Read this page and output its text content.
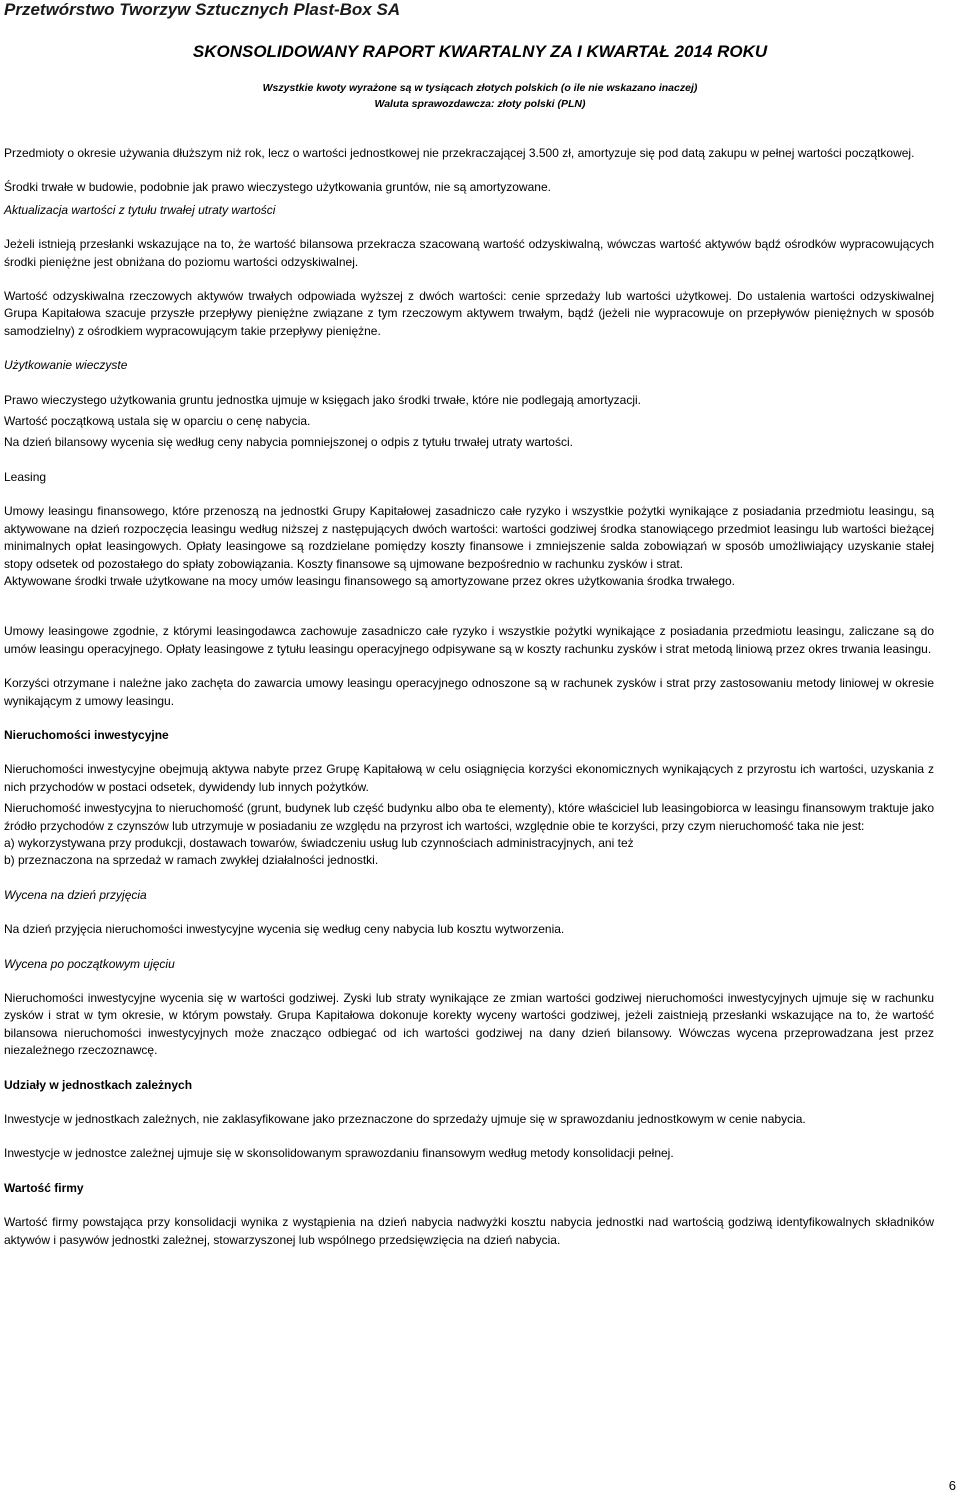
Przetwórstwo Tworzyw Sztucznych Plast-Box SA
SKONSOLIDOWANY RAPORT KWARTALNY ZA I KWARTAŁ 2014 ROKU
Wszystkie kwoty wyrażone są w tysiącach złotych polskich (o ile nie wskazano inaczej)
Waluta sprawozdawcza: złoty polski (PLN)

Przedmioty o okresie używania dłuższym niż rok, lecz o wartości jednostkowej nie przekraczającej 3.500 zł, amortyzuje się pod datą zakupu w pełnej wartości początkowej.

Środki trwałe w budowie, podobnie jak prawo wieczystego użytkowania gruntów, nie są amortyzowane.

Aktualizacja wartości z tytułu trwałej utraty wartości

Jeżeli istnieją przesłanki wskazujące na to, że wartość bilansowa przekracza szacowaną wartość odzyskiwalną, wówczas wartość aktywów bądź ośrodków wypracowujących środki pieniężne jest obniżana do poziomu wartości odzyskiwalnej.

Wartość odzyskiwalna rzeczowych aktywów trwałych odpowiada wyższej z dwóch wartości: cenie sprzedaży lub wartości użytkowej. Do ustalenia wartości odzyskiwalnej Grupa Kapitałowa szacuje przyszłe przepływy pieniężne związane z tym rzeczowym aktywem trwałym, bądź (jeżeli nie wypracowuje on przepływów pieniężnych w sposób samodzielny) z ośrodkiem wypracowującym takie przepływy pieniężne.

Użytkowanie wieczyste

Prawo wieczystego użytkowania gruntu jednostka ujmuje w księgach jako środki trwałe, które nie podlegają amortyzacji.

Wartość początkową ustala się w oparciu o cenę nabycia.

Na dzień bilansowy wycenia się według ceny nabycia pomniejszonej o odpis z tytułu trwałej utraty wartości.

Leasing

Umowy leasingu finansowego, które przenoszą na jednostki Grupy Kapitałowej zasadniczo całe ryzyko i wszystkie pożytki wynikające z posiadania przedmiotu leasingu, są aktywowane na dzień rozpoczęcia leasingu według niższej z następujących dwóch wartości: wartości godziwej środka stanowiącego przedmiot leasingu lub wartości bieżącej minimalnych opłat leasingowych. Opłaty leasingowe są rozdzielane pomiędzy koszty finansowe i zmniejszenie salda zobowiązań w sposób umożliwiający uzyskanie stałej stopy odsetek od pozostałego do spłaty zobowiązania. Koszty finansowe są ujmowane bezpośrednio w rachunku zysków i strat.

Aktywowane środki trwałe użytkowane na mocy umów leasingu finansowego są amortyzowane przez okres użytkowania środka trwałego.

Umowy leasingowe zgodnie, z którymi leasingodawca zachowuje zasadniczo całe ryzyko i wszystkie pożytki wynikające z posiadania przedmiotu leasingu, zaliczane są do umów leasingu operacyjnego. Opłaty leasingowe z tytułu leasingu operacyjnego odpisywane są w koszty rachunku zysków i strat metodą liniową przez okres trwania leasingu.

Korzyści otrzymane i należne jako zachęta do zawarcia umowy leasingu operacyjnego odnoszone są w rachunek zysków i strat przy zastosowaniu metody liniowej w okresie wynikającym z umowy leasingu.

Nieruchomości inwestycyjne

Nieruchomości inwestycyjne obejmują aktywa nabyte przez Grupę Kapitałową w celu osiągnięcia korzyści ekonomicznych wynikających z przyrostu ich wartości, uzyskania z nich przychodów w postaci odsetek, dywidendy lub innych pożytków.

Nieruchomość inwestycyjna to nieruchomość (grunt, budynek lub część budynku albo oba te elementy), które właściciel lub leasingobiorca w leasingu finansowym traktuje jako źródło przychodów z czynszów lub utrzymuje w posiadaniu ze względu na przyrost ich wartości, względnie obie te korzyści, przy czym nieruchomość taka nie jest:

a) wykorzystywana przy produkcji, dostawach towarów, świadczeniu usług lub czynnościach administracyjnych, ani też

b) przeznaczona na sprzedaż w ramach zwykłej działalności jednostki.

Wycena na dzień przyjęcia

Na dzień przyjęcia nieruchomości inwestycyjne wycenia się według ceny nabycia lub kosztu wytworzenia.

Wycena po początkowym ujęciu

Nieruchomości inwestycyjne wycenia się w wartości godziwej. Zyski lub straty wynikające ze zmian wartości godziwej nieruchomości inwestycyjnych ujmuje się w rachunku zysków i strat w tym okresie, w którym powstały. Grupa Kapitałowa dokonuje korekty wyceny wartości godziwej, jeżeli zaistnieją przesłanki wskazujące na to, że wartość bilansowa nieruchomości inwestycyjnych może znacząco odbiegać od ich wartości godziwej na dany dzień bilansowy. Wówczas wycena przeprowadzana jest przez niezależnego rzeczoznawcę.

Udziały w jednostkach zależnych

Inwestycje w jednostkach zależnych, nie zaklasyfikowane jako przeznaczone do sprzedaży ujmuje się w sprawozdaniu jednostkowym w cenie nabycia.

Inwestycje w jednostce zależnej ujmuje się w skonsolidowanym sprawozdaniu finansowym według metody konsolidacji pełnej.

Wartość firmy

Wartość firmy powstająca przy konsolidacji wynika z wystąpienia na dzień nabycia nadwyżki kosztu nabycia jednostki nad wartością godziwą identyfikowalnych składników aktywów i pasywów jednostki zależnej, stowarzyszonej lub wspólnego przedsięwzięcia na dzień nabycia.

6
